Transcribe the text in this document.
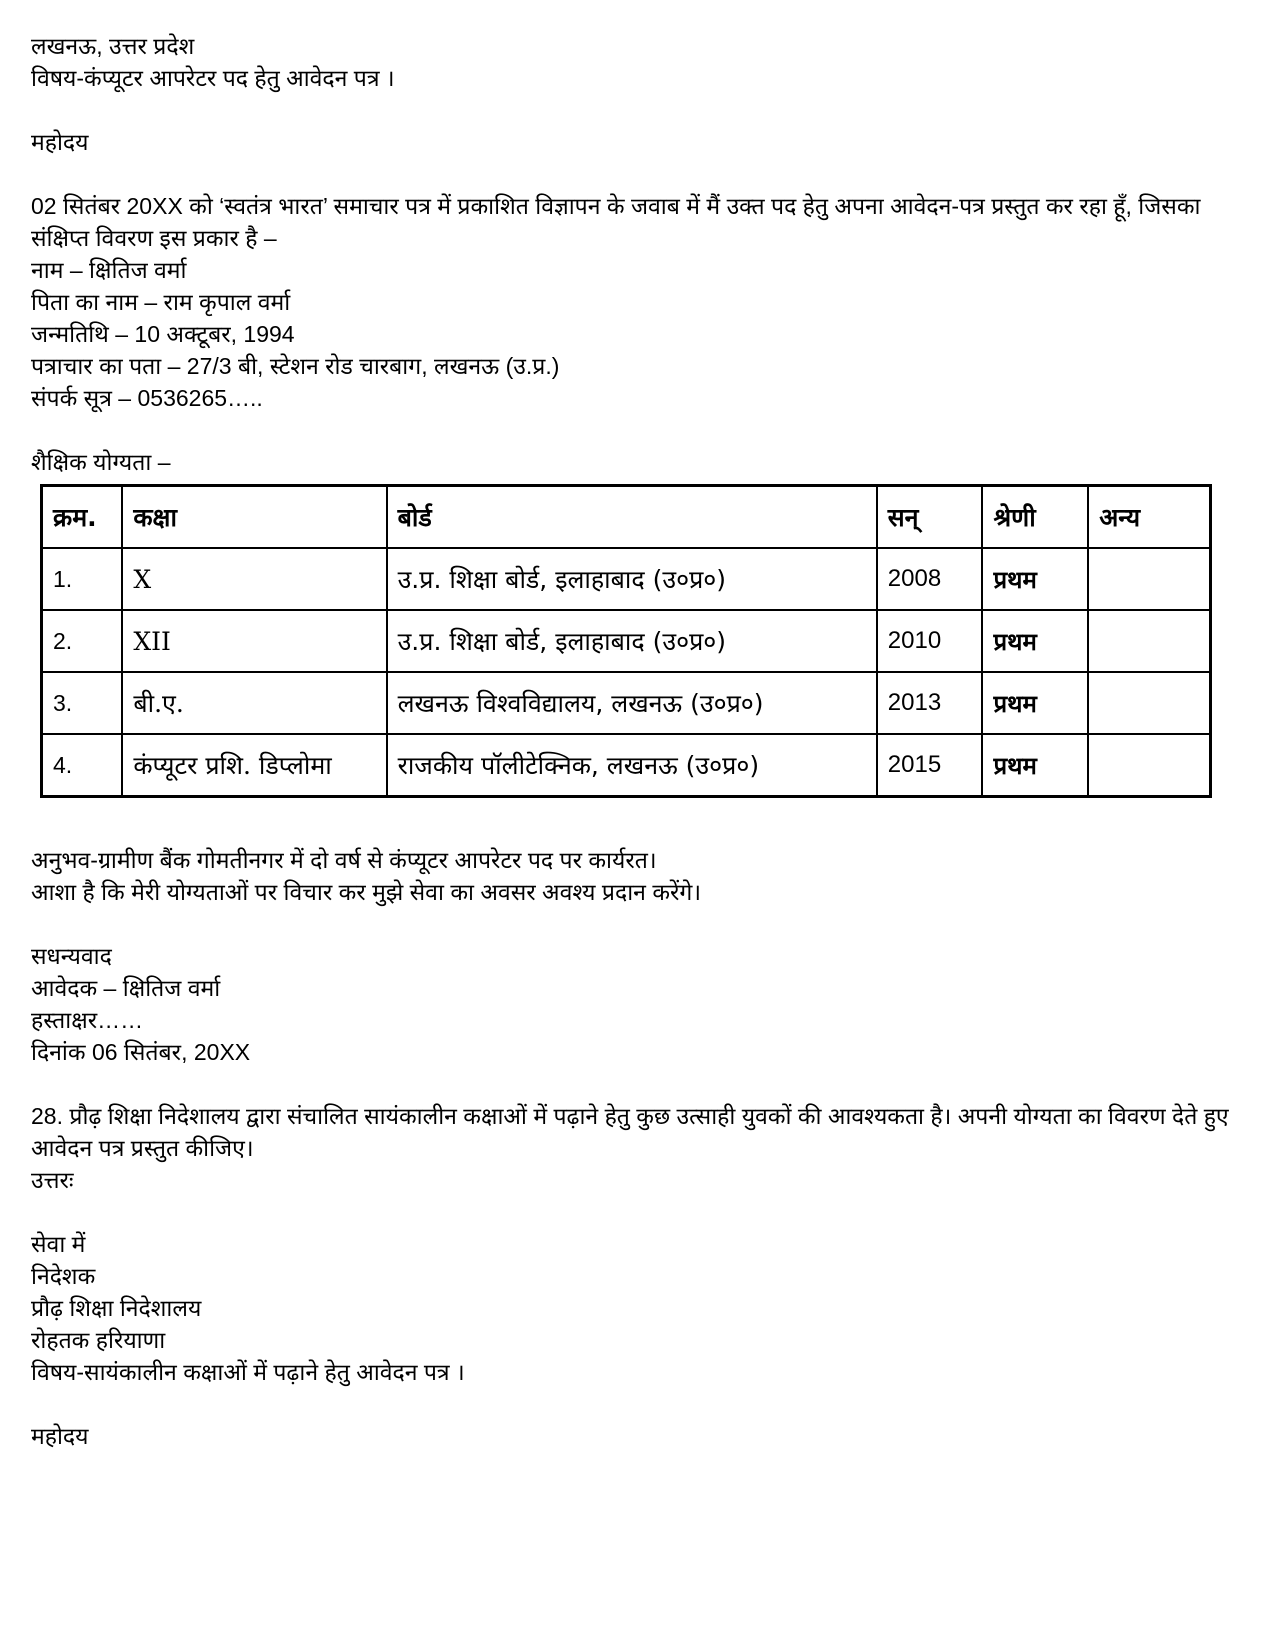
लखनऊ, उत्तर प्रदेश

विषय-कंप्यूटर आपरेटर पद हेतु आवेदन पत्र ।

महोदय

02 सितंबर 20XX को ‘स्वतंत्र भारत’ समाचार पत्र में प्रकाशित विज्ञापन के जवाब में मैं उक्त पद हेतु अपना आवेदन-पत्र प्रस्तुत कर रहा हूँ, जिसका संक्षिप्त विवरण इस प्रकार है –

नाम – क्षितिज वर्मा

पिता का नाम – राम कृपाल वर्मा

जन्मतिथि – 10 अक्टूबर, 1994

पत्राचार का पता – 27/3 बी, स्टेशन रोड चारबाग, लखनऊ (उ.प्र.)

संपर्क सूत्र – 0536265…..

शैक्षिक योग्यता –

क्रम.	कक्षा	बोर्ड	सन्	श्रेणी	अन्य
1.	X	उ.प्र. शिक्षा बोर्ड, इलाहाबाद (उ०प्र०)	2008	प्रथम	
2.	XII	उ.प्र. शिक्षा बोर्ड, इलाहाबाद (उ०प्र०)	2010	प्रथम	
3.	बी.ए.	लखनऊ विश्वविद्यालय, लखनऊ (उ०प्र०)	2013	प्रथम	
4.	कंप्यूटर प्रशि. डिप्लोमा	राजकीय पॉलीटेक्निक, लखनऊ (उ०प्र०)	2015	प्रथम	

अनुभव-ग्रामीण बैंक गोमतीनगर में दो वर्ष से कंप्यूटर आपरेटर पद पर कार्यरत।

आशा है कि मेरी योग्यताओं पर विचार कर मुझे सेवा का अवसर अवश्य प्रदान करेंगे।

सधन्यवाद

आवेदक – क्षितिज वर्मा

हस्ताक्षर……

दिनांक 06 सितंबर, 20XX

28. प्रौढ़ शिक्षा निदेशालय द्वारा संचालित सायंकालीन कक्षाओं में पढ़ाने हेतु कुछ उत्साही युवकों की आवश्यकता है। अपनी योग्यता का विवरण देते हुए आवेदन पत्र प्रस्तुत कीजिए।

उत्तरः

सेवा में

निदेशक

प्रौढ़ शिक्षा निदेशालय

रोहतक हरियाणा

विषय-सायंकालीन कक्षाओं में पढ़ाने हेतु आवेदन पत्र ।

महोदय
